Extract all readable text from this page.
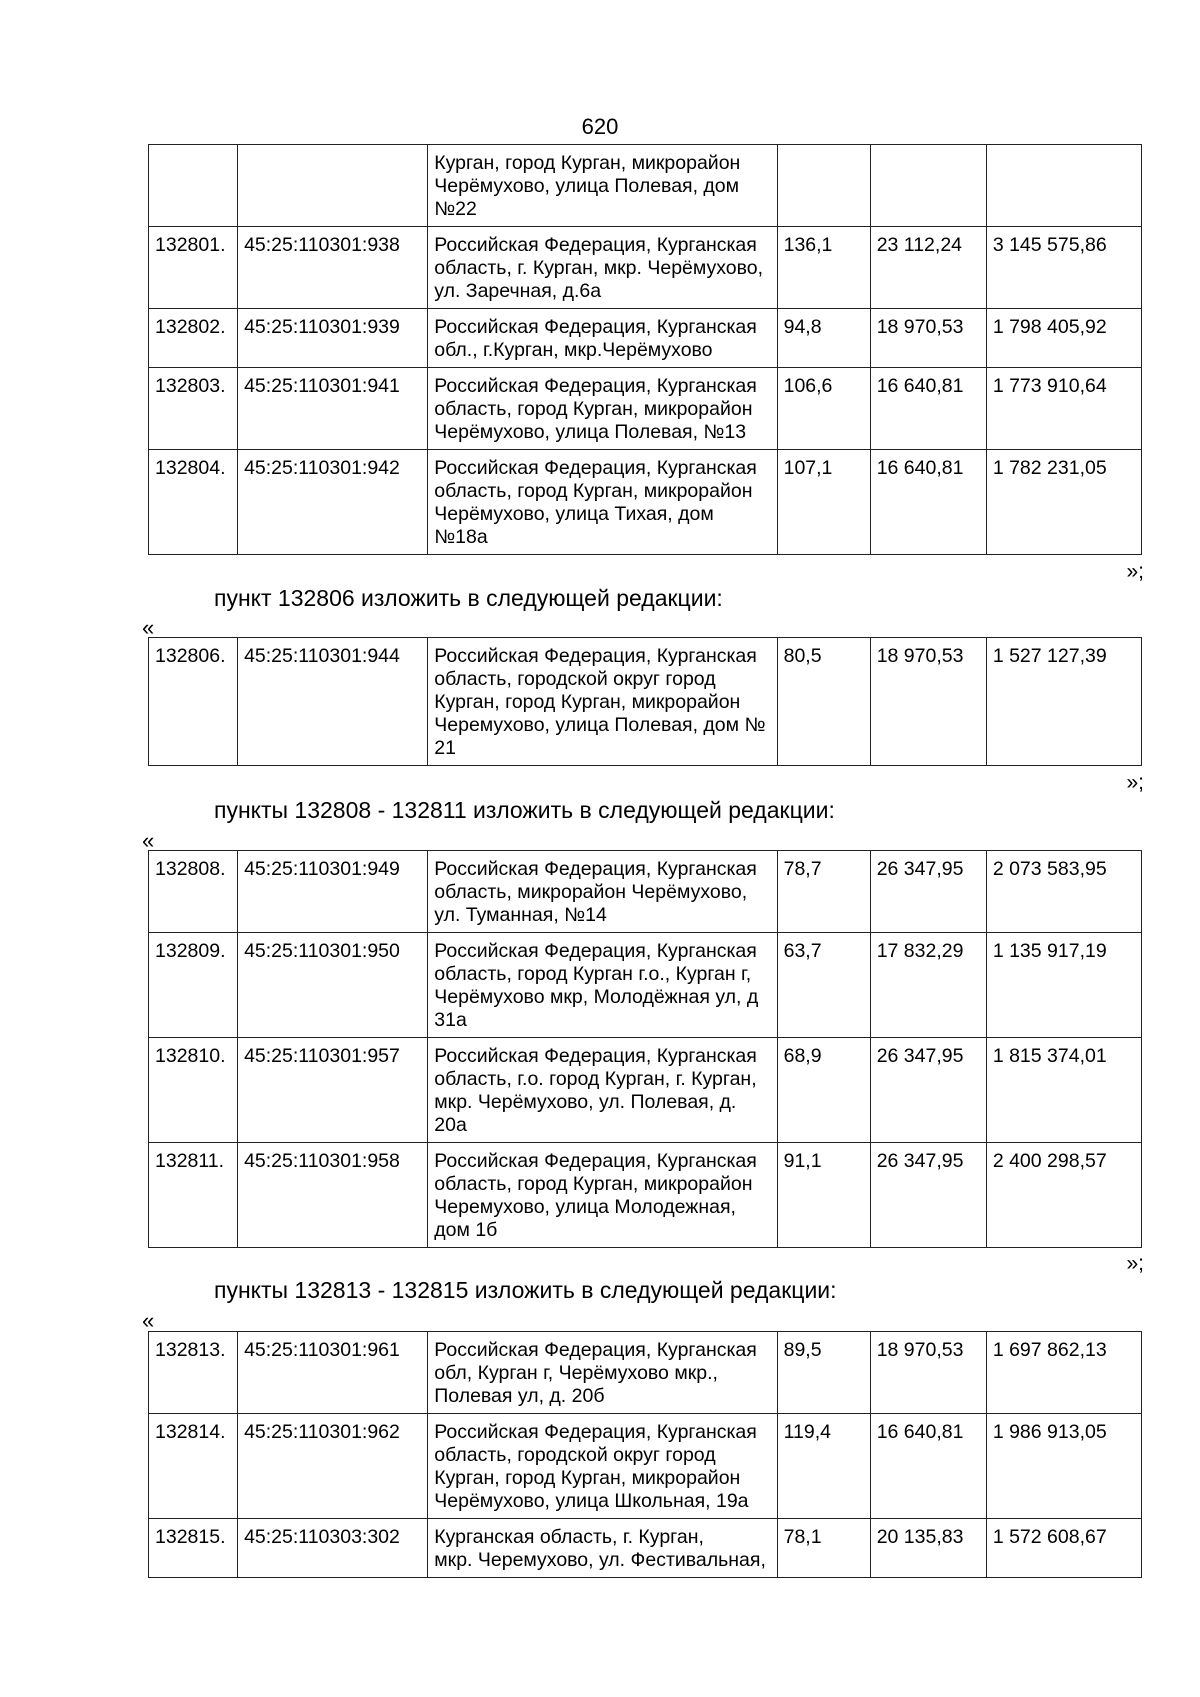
620
		Курган, город Курган, микрорайон
Черёмухово, улица Полевая, дом
№22			
132801.	45:25:110301:938	Российская Федерация, Курганская
область, г. Курган, мкр. Черёмухово,
ул. Заречная, д.6а	136,1	23 112,24	3 145 575,86
132802.	45:25:110301:939	Российская Федерация, Курганская
обл., г.Курган, мкр.Черёмухово	94,8	18 970,53	1 798 405,92
132803.	45:25:110301:941	Российская Федерация, Курганская
область, город Курган, микрорайон
Черёмухово, улица Полевая, №13	106,6	16 640,81	1 773 910,64
132804.	45:25:110301:942	Российская Федерация, Курганская
область, город Курган, микрорайон
Черёмухово, улица Тихая, дом
№18а	107,1	16 640,81	1 782 231,05
»;
пункт 132806 изложить в следующей редакции:
«
132806.	45:25:110301:944	Российская Федерация, Курганская
область, городской округ город
Курган, город Курган, микрорайон
Черемухово, улица Полевая, дом №
21	80,5	18 970,53	1 527 127,39
»;
пункты 132808 - 132811 изложить в следующей редакции:
«
132808.	45:25:110301:949	Российская Федерация, Курганская
область, микрорайон Черёмухово,
ул. Туманная, №14	78,7	26 347,95	2 073 583,95
132809.	45:25:110301:950	Российская Федерация, Курганская
область, город Курган г.о., Курган г,
Черёмухово мкр, Молодёжная ул, д
31а	63,7	17 832,29	1 135 917,19
132810.	45:25:110301:957	Российская Федерация, Курганская
область, г.о. город Курган, г. Курган,
мкр. Черёмухово, ул. Полевая, д.
20а	68,9	26 347,95	1 815 374,01
132811.	45:25:110301:958	Российская Федерация, Курганская
область, город Курган, микрорайон
Черемухово, улица Молодежная,
дом 1б	91,1	26 347,95	2 400 298,57
»;
пункты 132813 - 132815 изложить в следующей редакции:
«
132813.	45:25:110301:961	Российская Федерация, Курганская
обл, Курган г, Черёмухово мкр.,
Полевая ул, д. 20б	89,5	18 970,53	1 697 862,13
132814.	45:25:110301:962	Российская Федерация, Курганская
область, городской округ город
Курган, город Курган, микрорайон
Черёмухово, улица Школьная, 19а	119,4	16 640,81	1 986 913,05
132815.	45:25:110303:302	Курганская область, г. Курган,
мкр. Черемухово, ул. Фестивальная,	78,1	20 135,83	1 572 608,67
